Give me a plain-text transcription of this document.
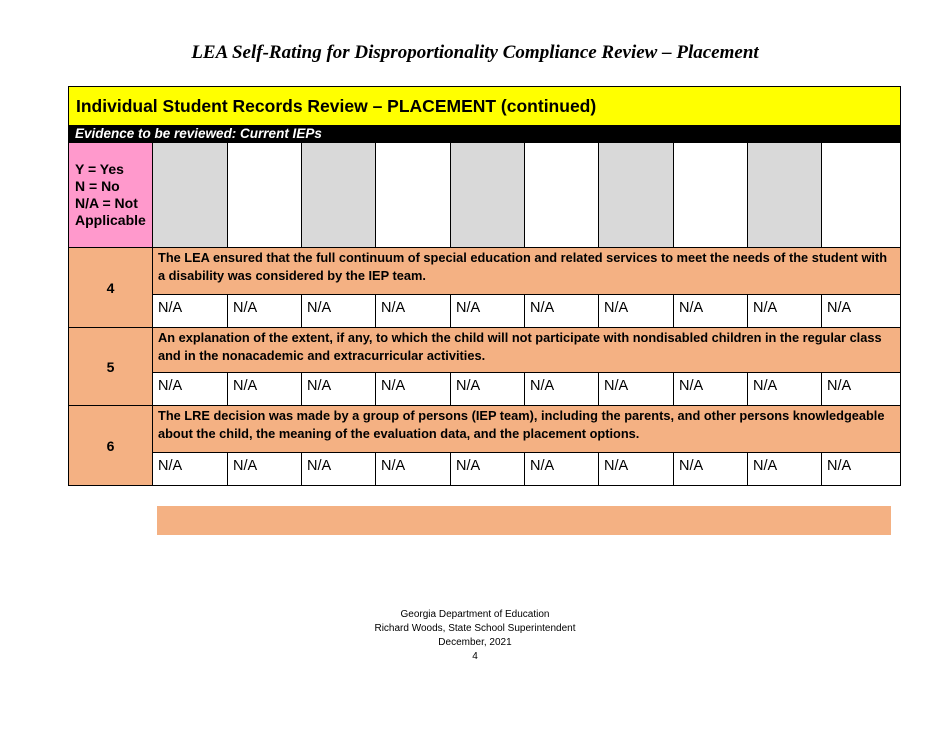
LEA Self-Rating for Disproportionality Compliance Review – Placement
Individual Student Records Review – PLACEMENT (continued)										
Evidence to be reviewed: Current IEPs										

Y = Yes
N = No
N/A = Not
Applicable										

4	The LEA ensured that the full continuum of special education and related services to meet the needs of the student with a disability was considered by the IEP team.									
	N/A	N/A	N/A	N/A	N/A	N/A	N/A	N/A	N/A	N/A
5	An explanation of the extent, if any, to which the child will not participate with nondisabled children in the regular class and in the nonacademic and extracurricular activities.									
	N/A	N/A	N/A	N/A	N/A	N/A	N/A	N/A	N/A	N/A
6	The LRE decision was made by a group of persons (IEP team), including the parents, and other persons knowledgeable about the child, the meaning of the evaluation data, and the placement options.									
	N/A	N/A	N/A	N/A	N/A	N/A	N/A	N/A	N/A	N/A
Georgia Department of Education
Richard Woods, State School Superintendent
December, 2021
4
